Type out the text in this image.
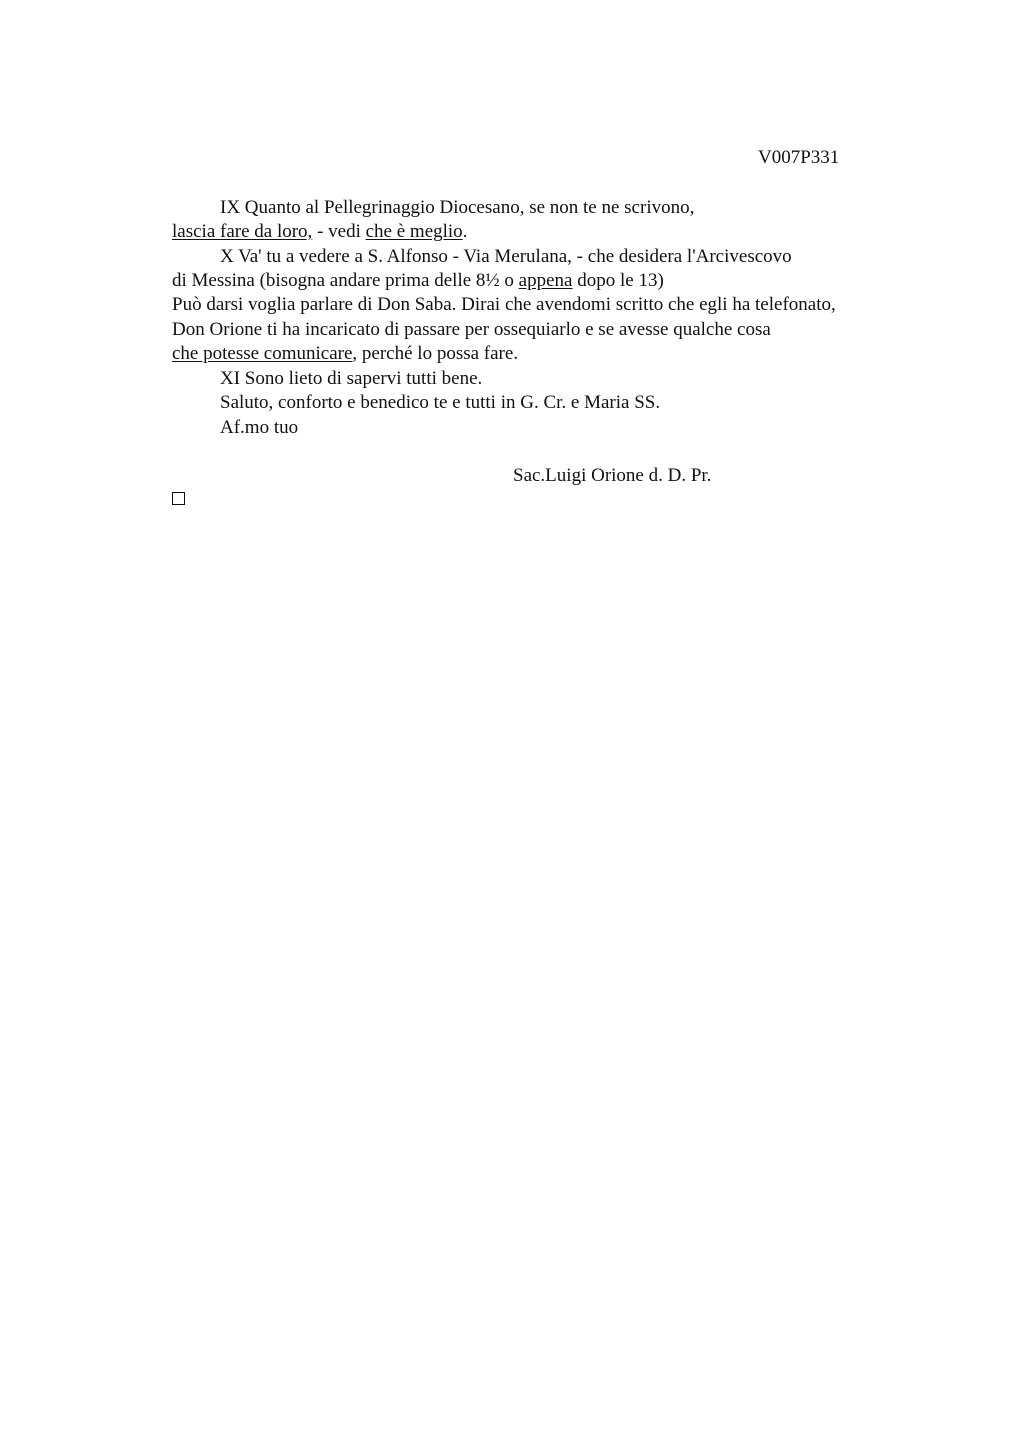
V007P331
IX Quanto al Pellegrinaggio Diocesano, se non te ne scrivono,
lascia fare da loro, - vedi che è meglio.
X Va' tu a vedere a S. Alfonso - Via Merulana, - che desidera l'Arcivescovo
di Messina (bisogna andare prima delle 8½ o appena dopo le 13)
Può darsi voglia parlare di Don Saba. Dirai che avendomi scritto che egli ha telefonato,
Don Orione ti ha incaricato di passare per ossequiarlo e se avesse qualche cosa
che potesse comunicare, perché lo possa fare.
XI Sono lieto di sapervi tutti bene.
Saluto, conforto e benedico te e tutti in G. Cr. e Maria SS.
Af.mo tuo
Sac.Luigi Orione d. D. Pr.
